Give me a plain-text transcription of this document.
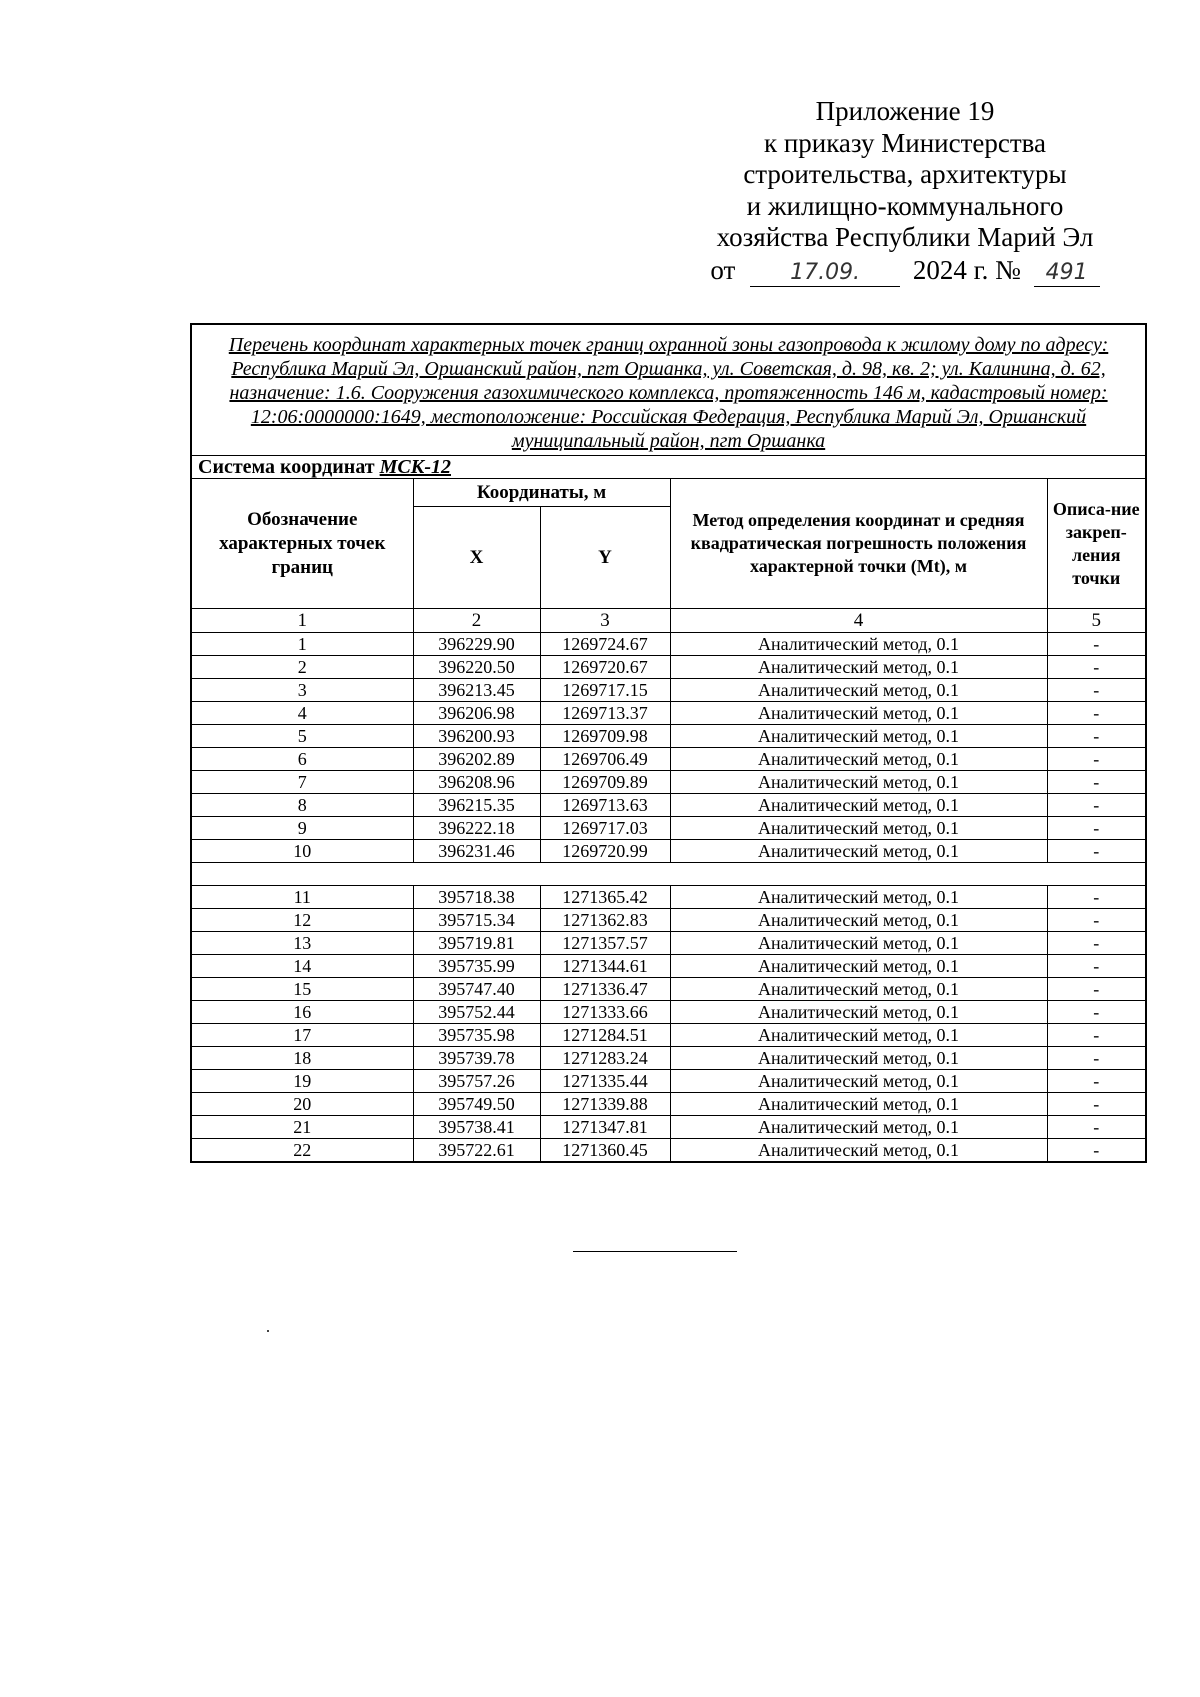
Приложение 19
к приказу Министерства
строительства, архитектуры
и жилищно-коммунального
хозяйства Республики Марий Эл
от 17.09. 2024 г. № 491
Перечень координат характерных точек границ охранной зоны газопровода к жилому дому по адресу: Республика Марий Эл, Оршанский район, пгт Оршанка, ул. Советская, д. 98, кв. 2; ул. Калинина, д. 62, назначение: 1.6. Сооружения газохимического комплекса, протяженность 146 м, кадастровый номер: 12:06:0000000:1649, местоположение: Российская Федерация, Республика Марий Эл, Оршанский муниципальный район, пгт Оршанка				
Система координат МСК-12				
Обозначение характерных точек границ	Координаты, м		Метод определения координат и средняя квадратическая погрешность положения характерной точки (Mt), м	Описа-ние закреп-ления точки
	X	Y		
1	2	3	4	5
1	396229.90	1269724.67	Аналитический метод, 0.1	-
2	396220.50	1269720.67	Аналитический метод, 0.1	-
3	396213.45	1269717.15	Аналитический метод, 0.1	-
4	396206.98	1269713.37	Аналитический метод, 0.1	-
5	396200.93	1269709.98	Аналитический метод, 0.1	-
6	396202.89	1269706.49	Аналитический метод, 0.1	-
7	396208.96	1269709.89	Аналитический метод, 0.1	-
8	396215.35	1269713.63	Аналитический метод, 0.1	-
9	396222.18	1269717.03	Аналитический метод, 0.1	-
10	396231.46	1269720.99	Аналитический метод, 0.1	-

11	395718.38	1271365.42	Аналитический метод, 0.1	-
12	395715.34	1271362.83	Аналитический метод, 0.1	-
13	395719.81	1271357.57	Аналитический метод, 0.1	-
14	395735.99	1271344.61	Аналитический метод, 0.1	-
15	395747.40	1271336.47	Аналитический метод, 0.1	-
16	395752.44	1271333.66	Аналитический метод, 0.1	-
17	395735.98	1271284.51	Аналитический метод, 0.1	-
18	395739.78	1271283.24	Аналитический метод, 0.1	-
19	395757.26	1271335.44	Аналитический метод, 0.1	-
20	395749.50	1271339.88	Аналитический метод, 0.1	-
21	395738.41	1271347.81	Аналитический метод, 0.1	-
22	395722.61	1271360.45	Аналитический метод, 0.1	-
